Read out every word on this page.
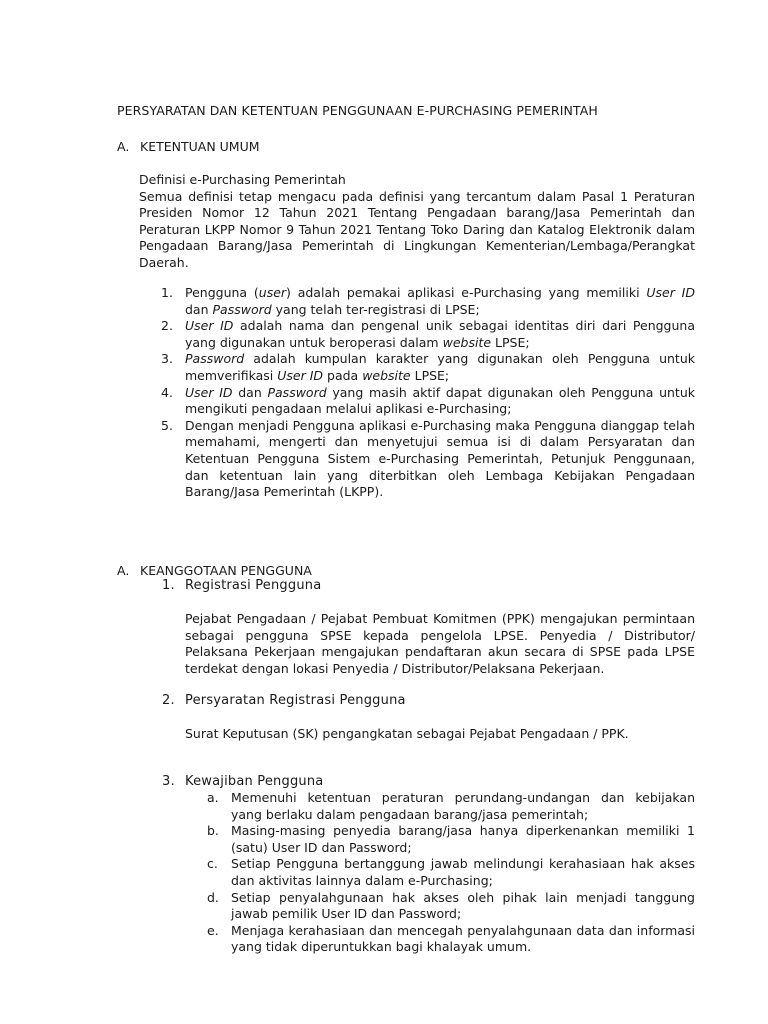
PERSYARATAN DAN KETENTUAN PENGGUNAAN E-PURCHASING PEMERINTAH
A. KETENTUAN UMUM
Definisi e-Purchasing Pemerintah
Semua definisi tetap mengacu pada definisi yang tercantum dalam Pasal 1 Peraturan Presiden Nomor 12 Tahun 2021 Tentang Pengadaan barang/Jasa Pemerintah dan Peraturan LKPP Nomor 9 Tahun 2021 Tentang Toko Daring dan Katalog Elektronik dalam Pengadaan Barang/Jasa Pemerintah di Lingkungan Kementerian/Lembaga/Perangkat Daerah.
1. Pengguna (user) adalah pemakai aplikasi e-Purchasing yang memiliki User ID dan Password yang telah ter-registrasi di LPSE;
2. User ID adalah nama dan pengenal unik sebagai identitas diri dari Pengguna yang digunakan untuk beroperasi dalam website LPSE;
3. Password adalah kumpulan karakter yang digunakan oleh Pengguna untuk memverifikasi User ID pada website LPSE;
4. User ID dan Password yang masih aktif dapat digunakan oleh Pengguna untuk mengikuti pengadaan melalui aplikasi e-Purchasing;
5. Dengan menjadi Pengguna aplikasi e-Purchasing maka Pengguna dianggap telah memahami, mengerti dan menyetujui semua isi di dalam Persyaratan dan Ketentuan Pengguna Sistem e-Purchasing Pemerintah, Petunjuk Penggunaan, dan ketentuan lain yang diterbitkan oleh Lembaga Kebijakan Pengadaan Barang/Jasa Pemerintah (LKPP).
A. KEANGGOTAAN PENGGUNA
1. Registrasi Pengguna
Pejabat Pengadaan / Pejabat Pembuat Komitmen (PPK) mengajukan permintaan sebagai pengguna SPSE kepada pengelola LPSE. Penyedia / Distributor/ Pelaksana Pekerjaan mengajukan pendaftaran akun secara di SPSE pada LPSE terdekat dengan lokasi Penyedia / Distributor/Pelaksana Pekerjaan.
2. Persyaratan Registrasi Pengguna
Surat Keputusan (SK) pengangkatan sebagai Pejabat Pengadaan / PPK.
3. Kewajiban Pengguna
a. Memenuhi ketentuan peraturan perundang-undangan dan kebijakan yang berlaku dalam pengadaan barang/jasa pemerintah;
b. Masing-masing penyedia barang/jasa hanya diperkenankan memiliki 1 (satu) User ID dan Password;
c. Setiap Pengguna bertanggung jawab melindungi kerahasiaan hak akses dan aktivitas lainnya dalam e-Purchasing;
d. Setiap penyalahgunaan hak akses oleh pihak lain menjadi tanggung jawab pemilik User ID dan Password;
e. Menjaga kerahasiaan dan mencegah penyalahgunaan data dan informasi yang tidak diperuntukkan bagi khalayak umum.
